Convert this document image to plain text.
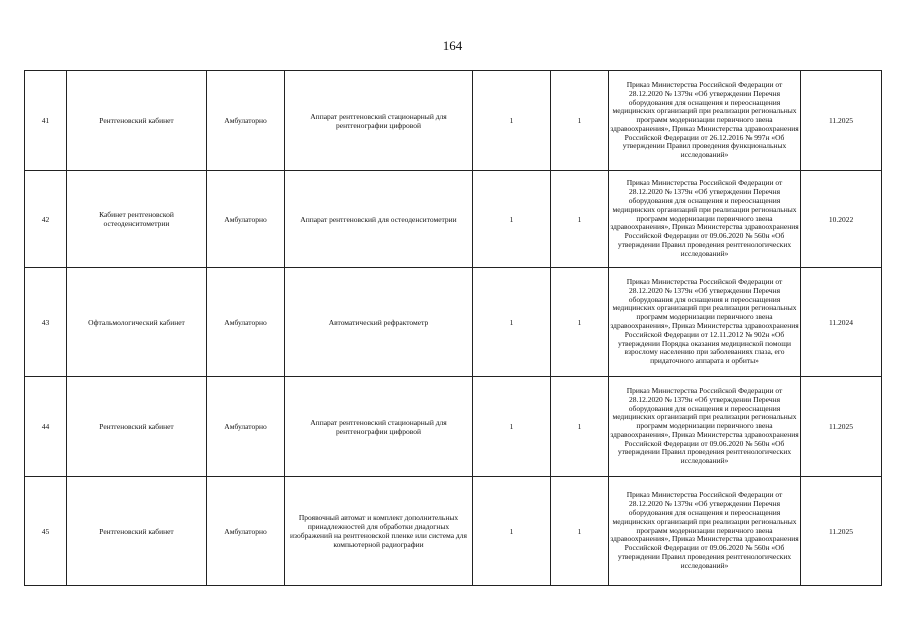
164
41	Рентгеновский кабинет	Амбулаторно	Аппарат рентгеновский стационарный для рентгенографии цифровой	1	1	Приказ Министерства Российской Федерации от 28.12.2020 № 1379н «Об утверждении Перечня оборудования для оснащения и переоснащения медицинских организаций при реализации региональных программ модернизации первичного звена здравоохранения», Приказ Министерства здравоохранения Российской Федерации от 26.12.2016 № 997н «Об утверждении Правил проведения функциональных исследований»	11.2025
42	Кабинет рентгеновской остеоденситометрии	Амбулаторно	Аппарат рентгеновский для остеоденситометрии	1	1	Приказ Министерства Российской Федерации от 28.12.2020 № 1379н «Об утверждении Перечня оборудования для оснащения и переоснащения медицинских организаций при реализации региональных программ модернизации первичного звена здравоохранения», Приказ Министерства здравоохранения Российской Федерации от 09.06.2020 № 560н «Об утверждении Правил проведения рентгенологических исследований»	10.2022
43	Офтальмологический кабинет	Амбулаторно	Автоматический рефрактометр	1	1	Приказ Министерства Российской Федерации от 28.12.2020 № 1379н «Об утверждении Перечня оборудования для оснащения и переоснащения медицинских организаций при реализации региональных программ модернизации первичного звена здравоохранения», Приказ Министерства здравоохранения Российской Федерации от 12.11.2012 № 902н «Об утверждении Порядка оказания медицинской помощи взрослому населению при заболеваниях глаза, его придаточного аппарата и орбиты»	11.2024
44	Рентгеновский кабинет	Амбулаторно	Аппарат рентгеновский стационарный для рентгенографии цифровой	1	1	Приказ Министерства Российской Федерации от 28.12.2020 № 1379н «Об утверждении Перечня оборудования для оснащения и переоснащения медицинских организаций при реализации региональных программ модернизации первичного звена здравоохранения», Приказ Министерства здравоохранения Российской Федерации от 09.06.2020 № 560н «Об утверждении Правил проведения рентгенологических исследований»	11.2025
45	Рентгеновский кабинет	Амбулаторно	Проявочный автомат и комплект дополнительных принадлежностей для обработки диадогных изображений на рентгеновской пленке или система для компьютерной радиографии	1	1	Приказ Министерства Российской Федерации от 28.12.2020 № 1379н «Об утверждении Перечня оборудования для оснащения и переоснащения медицинских организаций при реализации региональных программ модернизации первичного звена здравоохранения», Приказ Министерства здравоохранения Российской Федерации от 09.06.2020 № 560н «Об утверждении Правил проведения рентгенологических исследований»	11.2025
